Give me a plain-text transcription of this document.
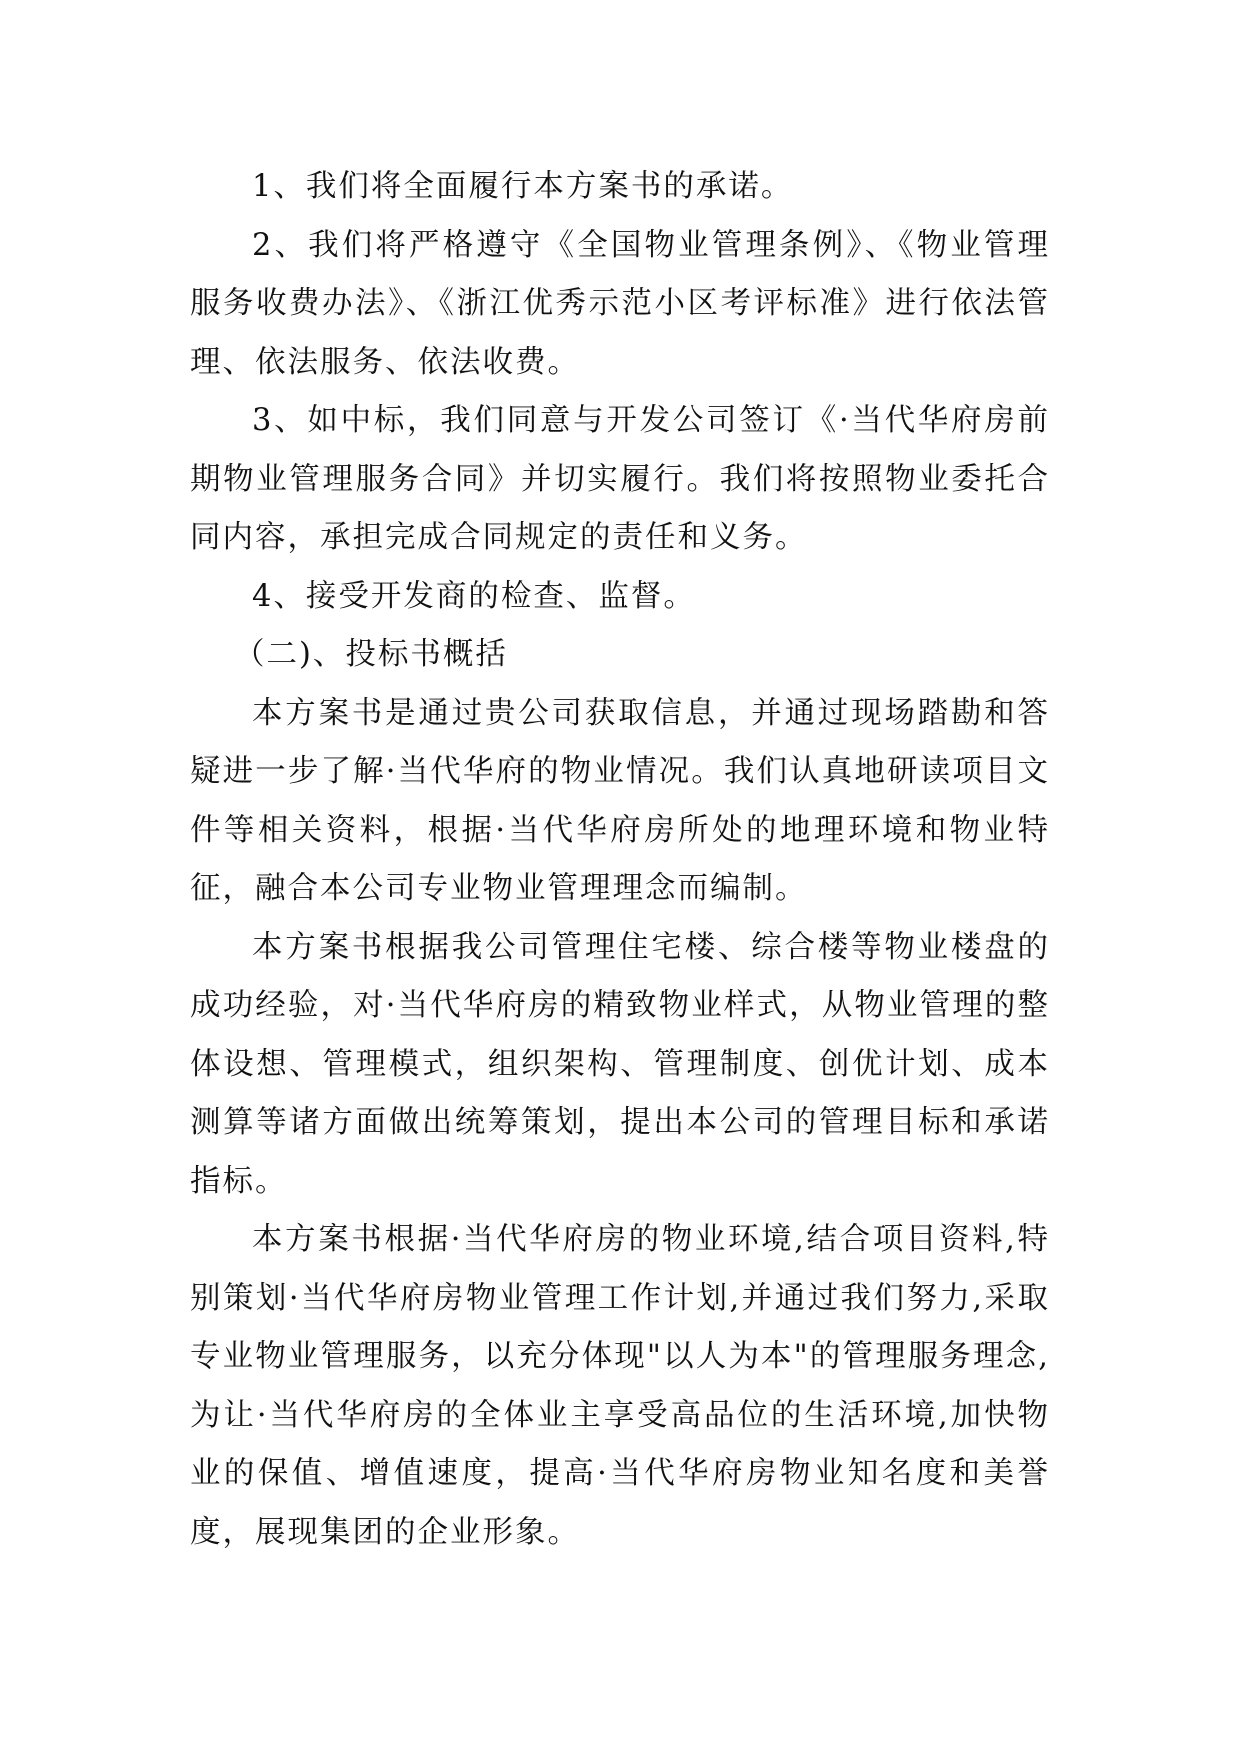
1、我们将全面履行本方案书的承诺。

2、我们将严格遵守《全国物业管理条例》、《物业管理服务收费办法》、《浙江优秀示范小区考评标准》进行依法管理、依法服务、依法收费。

3、如中标，我们同意与开发公司签订《·当代华府房前期物业管理服务合同》并切实履行。我们将按照物业委托合同内容，承担完成合同规定的责任和义务。

4、接受开发商的检查、监督。

（二)、投标书概括

本方案书是通过贵公司获取信息，并通过现场踏勘和答疑进一步了解·当代华府的物业情况。我们认真地研读项目文件等相关资料，根据·当代华府房所处的地理环境和物业特征，融合本公司专业物业管理理念而编制。

本方案书根据我公司管理住宅楼、综合楼等物业楼盘的成功经验，对·当代华府房的精致物业样式，从物业管理的整体设想、管理模式，组织架构、管理制度、创优计划、成本测算等诸方面做出统筹策划，提出本公司的管理目标和承诺指标。

本方案书根据·当代华府房的物业环境,结合项目资料,特别策划·当代华府房物业管理工作计划,并通过我们努力,采取专业物业管理服务，以充分体现"以人为本"的管理服务理念,为让·当代华府房的全体业主享受高品位的生活环境,加快物业的保值、增值速度，提高·当代华府房物业知名度和美誉度，展现集团的企业形象。
